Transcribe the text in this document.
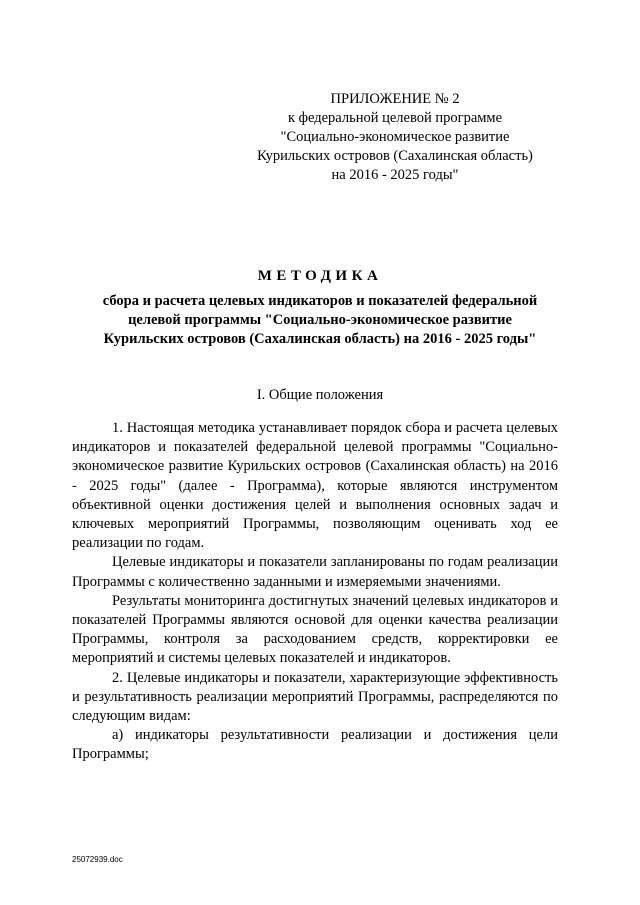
ПРИЛОЖЕНИЕ № 2
к федеральной целевой программе
"Социально-экономическое развитие
Курильских островов (Сахалинская область)
на 2016 - 2025 годы"
МЕТОДИКА
сбора и расчета целевых индикаторов и показателей федеральной
целевой программы "Социально-экономическое развитие
Курильских островов (Сахалинская область) на 2016 - 2025 годы"
I. Общие положения

1. Настоящая методика устанавливает порядок сбора и расчета целевых индикаторов и показателей федеральной целевой программы "Социально-экономическое развитие Курильских островов (Сахалинская область) на 2016 - 2025 годы" (далее - Программа), которые являются инструментом объективной оценки достижения целей и выполнения основных задач и ключевых мероприятий Программы, позволяющим оценивать ход ее реализации по годам.

Целевые индикаторы и показатели запланированы по годам реализации Программы с количественно заданными и измеряемыми значениями.

Результаты мониторинга достигнутых значений целевых индикаторов и показателей Программы являются основой для оценки качества реализации Программы, контроля за расходованием средств, корректировки ее мероприятий и системы целевых показателей и индикаторов.

2. Целевые индикаторы и показатели, характеризующие эффективность и результативность реализации мероприятий Программы, распределяются по следующим видам:

а) индикаторы результативности реализации и достижения цели Программы;

25072939.doc
